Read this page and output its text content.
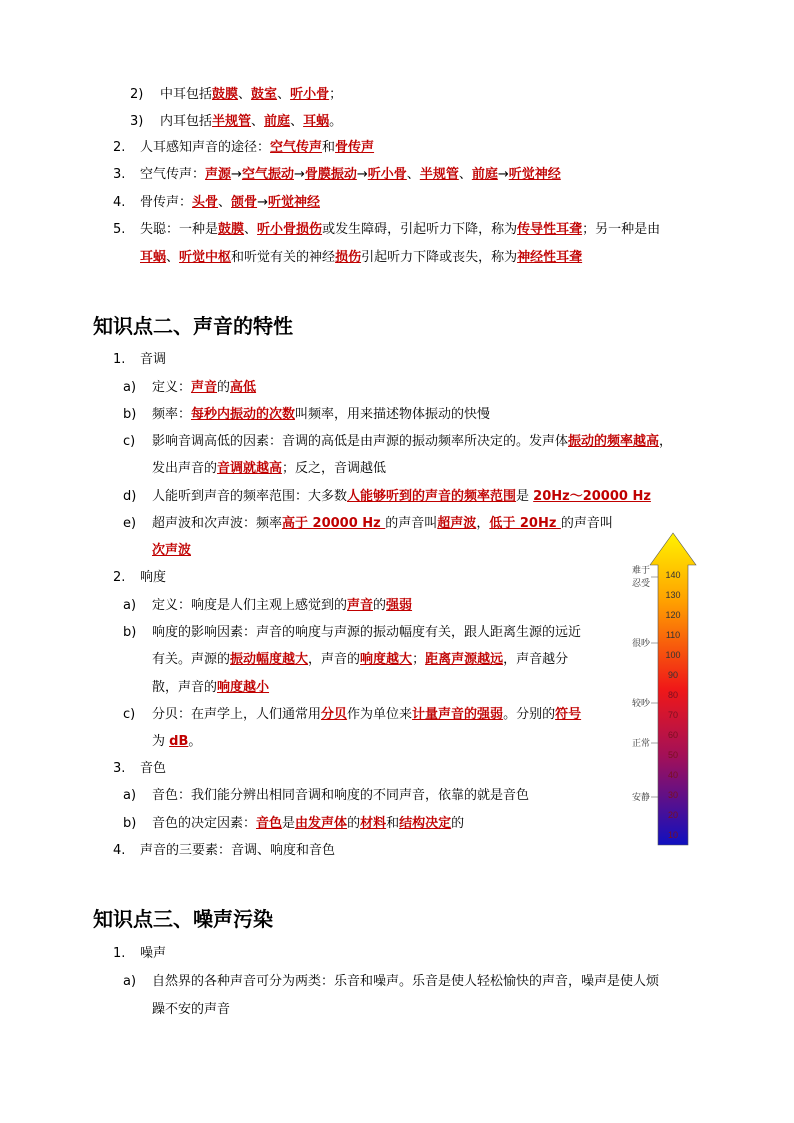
2) 中耳包括鼓膜、鼓室、听小骨；
3) 内耳包括半规管、前庭、耳蜗。
2. 人耳感知声音的途径：空气传声和骨传声
3. 空气传声：声源→空气振动→骨膜振动→听小骨、半规管、前庭→听觉神经
4. 骨传声：头骨、颌骨→听觉神经
5. 失聪：一种是鼓膜、听小骨损伤或发生障碍，引起听力下降，称为传导性耳聋；另一种是由
耳蜗、听觉中枢和听觉有关的神经损伤引起听力下降或丧失，称为神经性耳聋
1. 音调
a) 定义：声音的高低
b) 频率：每秒内振动的次数叫频率，用来描述物体振动的快慢
c) 影响音调高低的因素：音调的高低是由声源的振动频率所决定的。发声体振动的频率越高，
发出声音的音调就越高；反之，音调越低
d) 人能听到声音的频率范围：大多数人能够听到的声音的频率范围是 20Hz～20000 Hz
e) 超声波和次声波：频率高于 20000 Hz 的声音叫超声波，低于 20Hz 的声音叫
次声波
2. 响度
a) 定义：响度是人们主观上感觉到的声音的强弱
b) 响度的影响因素：声音的响度与声源的振动幅度有关，跟人距离生源的远近
有关。声源的振动幅度越大，声音的响度越大；距离声源越远，声音越分
散，声音的响度越小
c) 分贝：在声学上，人们通常用分贝作为单位来计量声音的强弱。分别的符号
为 dB。
3. 音色
a) 音色：我们能分辨出相同音调和响度的不同声音，依靠的就是音色
b) 音色的决定因素：音色是由发声体的材料和结构决定的
4. 声音的三要素：音调、响度和音色
1. 噪声
a) 自然界的各种声音可分为两类：乐音和噪声。乐音是使人轻松愉快的声音，噪声是使人烦
躁不安的声音
知识点二、声音的特性
知识点三、噪声污染
140
130
120
110
100
90
80
70
60
50
40
30
20
10
难于忍受
很吵
较吵
正常
安静
